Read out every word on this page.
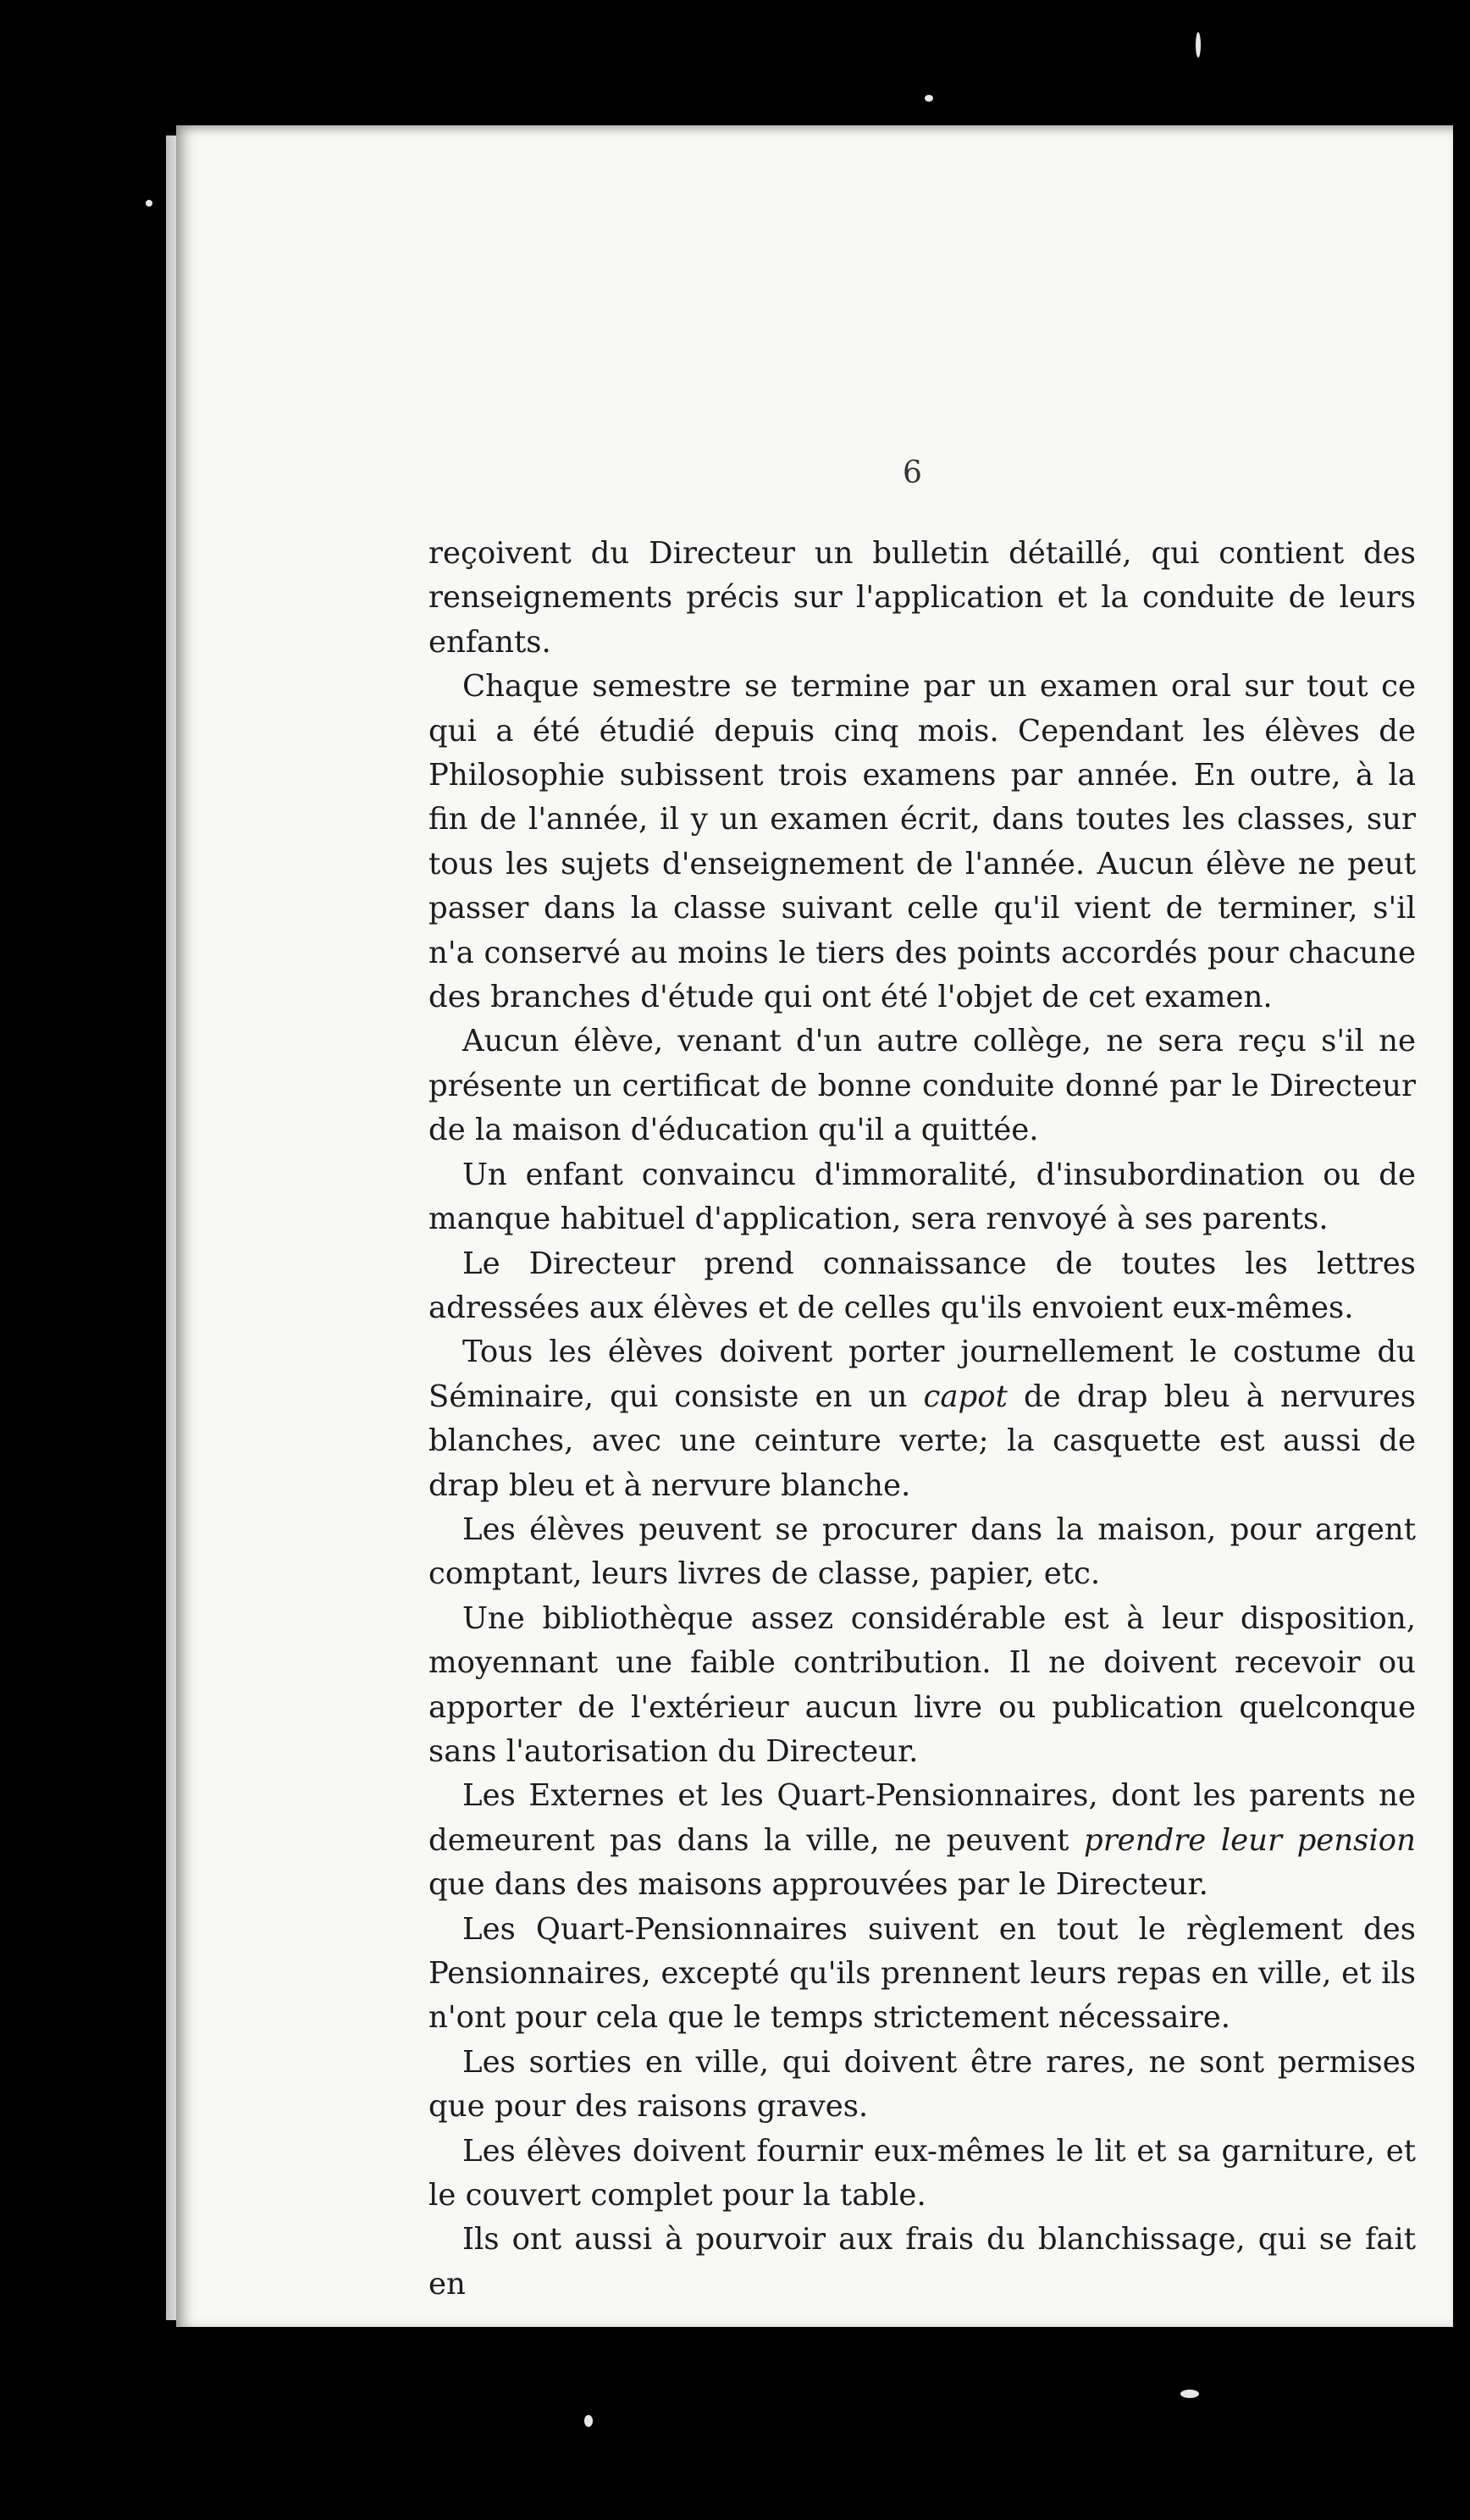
6

reçoivent du Directeur un bulletin détaillé, qui contient des renseignements précis sur l'application et la conduite de leurs enfants.

Chaque semestre se termine par un examen oral sur tout ce qui a été étudié depuis cinq mois. Cependant les élèves de Philosophie subissent trois examens par année. En outre, à la fin de l'année, il y un examen écrit, dans toutes les classes, sur tous les sujets d'enseignement de l'année. Aucun élève ne peut passer dans la classe suivant celle qu'il vient de terminer, s'il n'a conservé au moins le tiers des points accordés pour chacune des branches d'étude qui ont été l'objet de cet examen.

Aucun élève, venant d'un autre collège, ne sera reçu s'il ne présente un certificat de bonne conduite donné par le Directeur de la maison d'éducation qu'il a quittée.

Un enfant convaincu d'immoralité, d'insubordination ou de manque habituel d'application, sera renvoyé à ses parents.

Le Directeur prend connaissance de toutes les lettres adressées aux élèves et de celles qu'ils envoient eux-mêmes.

Tous les élèves doivent porter journellement le costume du Séminaire, qui consiste en un capot de drap bleu à nervures blanches, avec une ceinture verte; la casquette est aussi de drap bleu et à nervure blanche.

Les élèves peuvent se procurer dans la maison, pour argent comptant, leurs livres de classe, papier, etc.

Une bibliothèque assez considérable est à leur disposition, moyennant une faible contribution. Il ne doivent recevoir ou apporter de l'extérieur aucun livre ou publication quelconque sans l'autorisation du Directeur.

Les Externes et les Quart-Pensionnaires, dont les parents ne demeurent pas dans la ville, ne peuvent prendre leur pension que dans des maisons approuvées par le Directeur.

Les Quart-Pensionnaires suivent en tout le règlement des Pensionnaires, excepté qu'ils prennent leurs repas en ville, et ils n'ont pour cela que le temps strictement nécessaire.

Les sorties en ville, qui doivent être rares, ne sont permises que pour des raisons graves.

Les élèves doivent fournir eux-mêmes le lit et sa garniture, et le couvert complet pour la table.

Ils ont aussi à pourvoir aux frais du blanchissage, qui se fait en
